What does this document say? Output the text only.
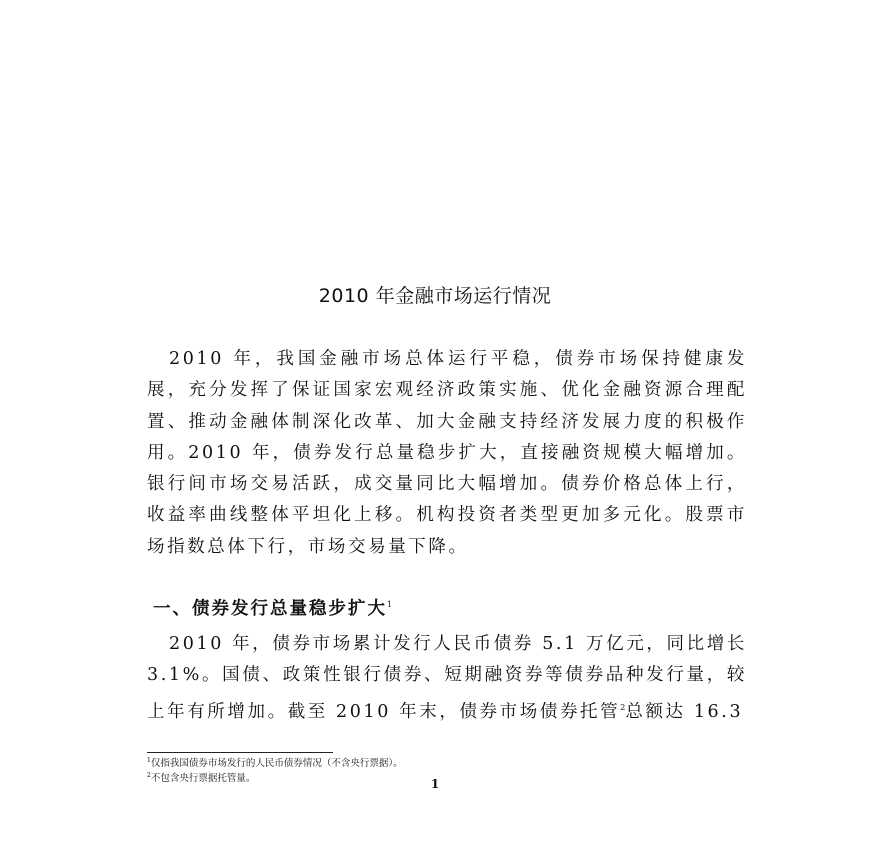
2010 年金融市场运行情况

2010 年，我国金融市场总体运行平稳，债券市场保持健康发展，充分发挥了保证国家宏观经济政策实施、优化金融资源合理配置、推动金融体制深化改革、加大金融支持经济发展力度的积极作用。2010 年，债券发行总量稳步扩大，直接融资规模大幅增加。银行间市场交易活跃，成交量同比大幅增加。债券价格总体上行，收益率曲线整体平坦化上移。机构投资者类型更加多元化。股票市场指数总体下行，市场交易量下降。

一、债券发行总量稳步扩大$^1$

2010 年，债券市场累计发行人民币债券 5.1 万亿元，同比增长 3.1%。国债、政策性银行债券、短期融资券等债券品种发行量，较上年有所增加。截至 2010 年末，债券市场债券托管$^2$总额达 16.3

$^1$仅指我国债券市场发行的人民币债券情况（不含央行票据）。
$^2$不包含央行票据托管量。	1
